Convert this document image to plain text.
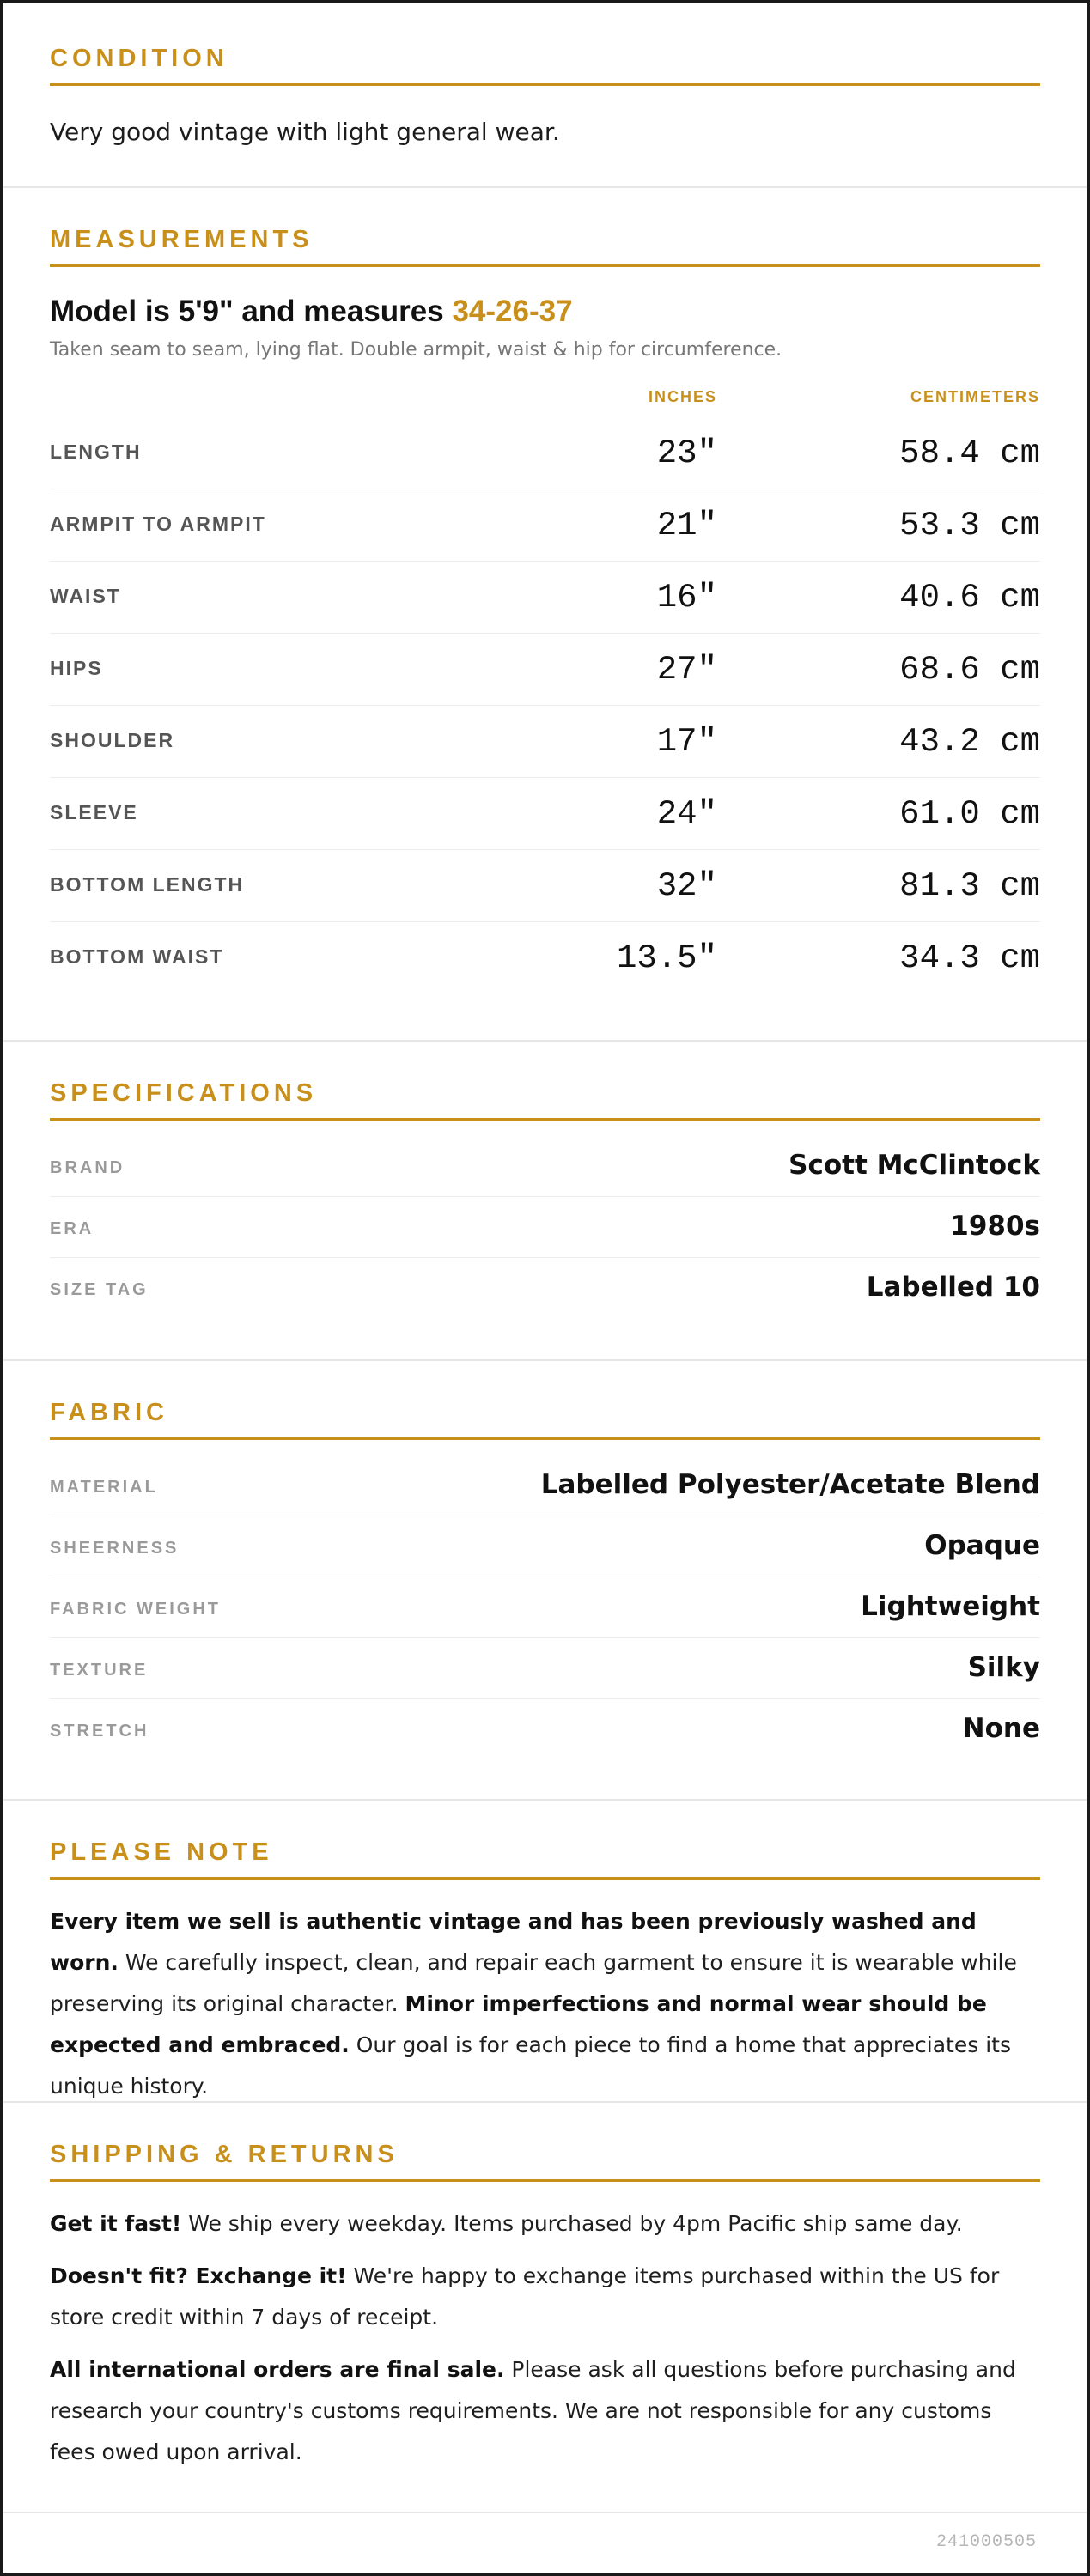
CONDITION
Very good vintage with light general wear.
MEASUREMENTS
Model is 5'9" and measures 34-26-37
Taken seam to seam, lying flat. Double armpit, waist & hip for circumference.
INCHES	CENTIMETERS
LENGTH	23"	58.4 cm
ARMPIT TO ARMPIT	21"	53.3 cm
WAIST	16"	40.6 cm
HIPS	27"	68.6 cm
SHOULDER	17"	43.2 cm
SLEEVE	24"	61.0 cm
BOTTOM LENGTH	32"	81.3 cm
BOTTOM WAIST	13.5"	34.3 cm
SPECIFICATIONS
BRAND	Scott McClintock
ERA	1980s
SIZE TAG	Labelled 10
FABRIC
MATERIAL	Labelled Polyester/Acetate Blend
SHEERNESS	Opaque
FABRIC WEIGHT	Lightweight
TEXTURE	Silky
STRETCH	None
PLEASE NOTE

Every item we sell is authentic vintage and has been previously washed and worn. We carefully inspect, clean, and repair each garment to ensure it is wearable while preserving its original character. Minor imperfections and normal wear should be expected and embraced. Our goal is for each piece to find a home that appreciates its unique history.

SHIPPING & RETURNS

Get it fast! We ship every weekday. Items purchased by 4pm Pacific ship same day.

Doesn't fit? Exchange it! We're happy to exchange items purchased within the US for store credit within 7 days of receipt.

All international orders are final sale. Please ask all questions before purchasing and research your country's customs requirements. We are not responsible for any customs fees owed upon arrival.

241000505
